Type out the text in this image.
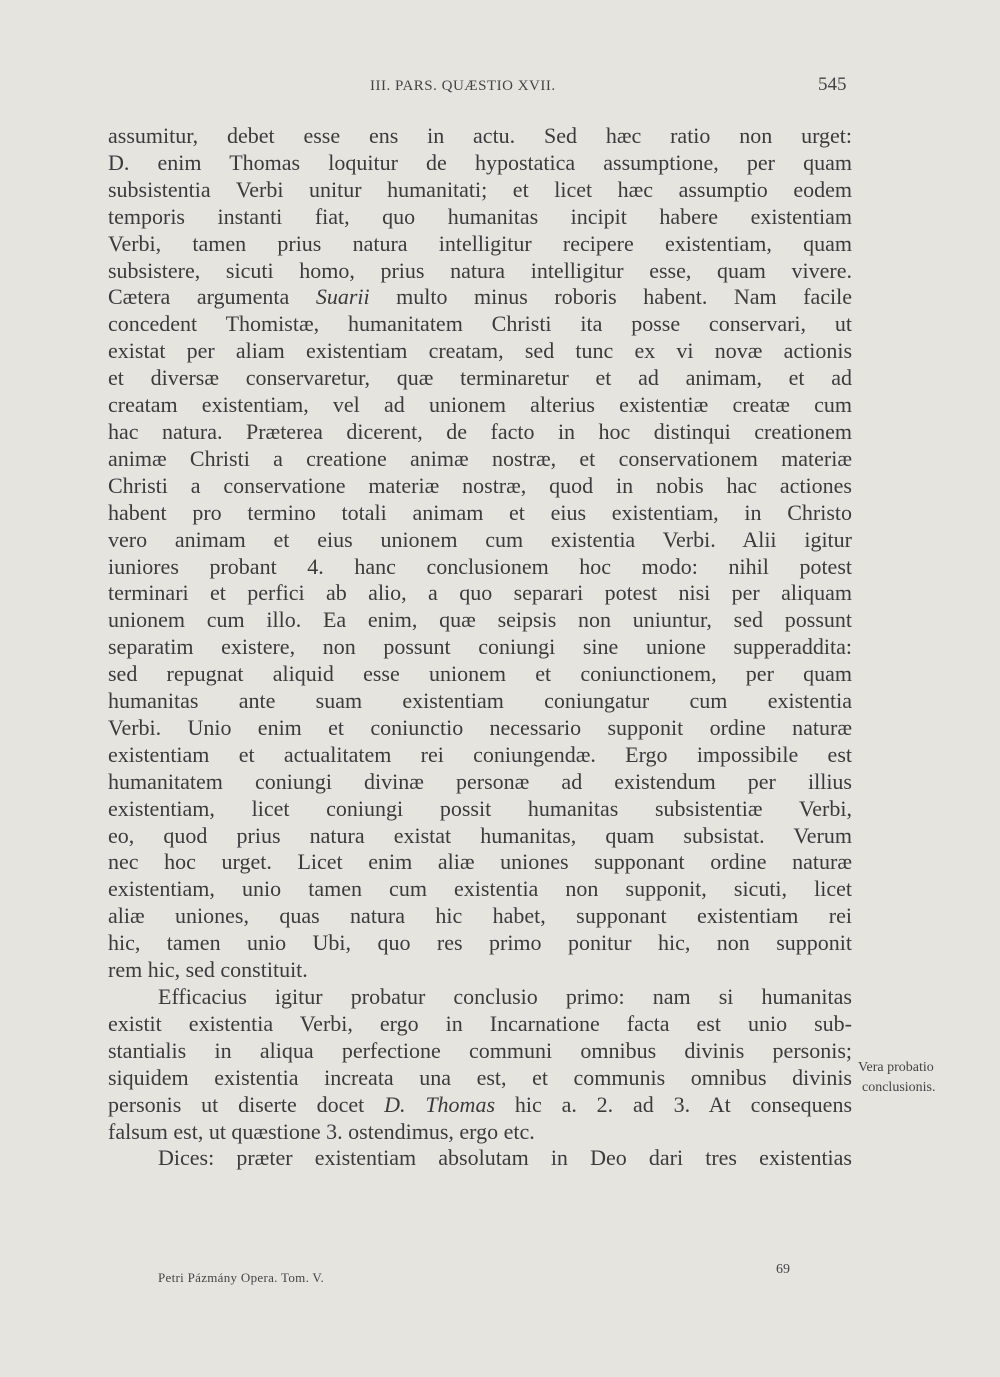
III. PARS. QUÆSTIO XVII.	545
assumitur, debet esse ens in actu. Sed hæc ratio non urget:
D. enim Thomas loquitur de hypostatica assumptione, per quam
subsistentia Verbi unitur humanitati; et licet hæc assumptio eodem
temporis instanti fiat, quo humanitas incipit habere existentiam
Verbi, tamen prius natura intelligitur recipere existentiam, quam
subsistere, sicuti homo, prius natura intelligitur esse, quam vivere.
Cætera argumenta Suarii multo minus roboris habent. Nam facile
concedent Thomistæ, humanitatem Christi ita posse conservari, ut
existat per aliam existentiam creatam, sed tunc ex vi novæ actionis
et diversæ conservaretur, quæ terminaretur et ad animam, et ad
creatam existentiam, vel ad unionem alterius existentiæ creatæ cum
hac natura. Præterea dicerent, de facto in hoc distinqui creationem
animæ Christi a creatione animæ nostræ, et conservationem materiæ
Christi a conservatione materiæ nostræ, quod in nobis hac actiones
habent pro termino totali animam et eius existentiam, in Christo
vero animam et eius unionem cum existentia Verbi. Alii igitur
iuniores probant 4. hanc conclusionem hoc modo: nihil potest
terminari et perfici ab alio, a quo separari potest nisi per aliquam
unionem cum illo. Ea enim, quæ seipsis non uniuntur, sed possunt
separatim existere, non possunt coniungi sine unione supperaddita:
sed repugnat aliquid esse unionem et coniunctionem, per quam
humanitas ante suam existentiam coniungatur cum existentia
Verbi. Unio enim et coniunctio necessario supponit ordine naturæ
existentiam et actualitatem rei coniungendæ. Ergo impossibile est
humanitatem coniungi divinæ personæ ad existendum per illius
existentiam, licet coniungi possit humanitas subsistentiæ Verbi,
eo, quod prius natura existat humanitas, quam subsistat. Verum
nec hoc urget. Licet enim aliæ uniones supponant ordine naturæ
existentiam, unio tamen cum existentia non supponit, sicuti, licet
aliæ uniones, quas natura hic habet, supponant existentiam rei
hic, tamen unio Ubi, quo res primo ponitur hic, non supponit
rem hic, sed constituit.
Efficacius igitur probatur conclusio primo: nam si humanitas
existit existentia Verbi, ergo in Incarnatione facta est unio sub-
stantialis in aliqua perfectione communi omnibus divinis personis;
siquidem existentia increata una est, et communis omnibus divinis
personis ut diserte docet D. Thomas hic a. 2. ad 3. At consequens
falsum est, ut quæstione 3. ostendimus, ergo etc.
Dices: præter existentiam absolutam in Deo dari tres existentias
Vera probatio
conclusionis.
Petri Pázmány Opera. Tom. V.
69
